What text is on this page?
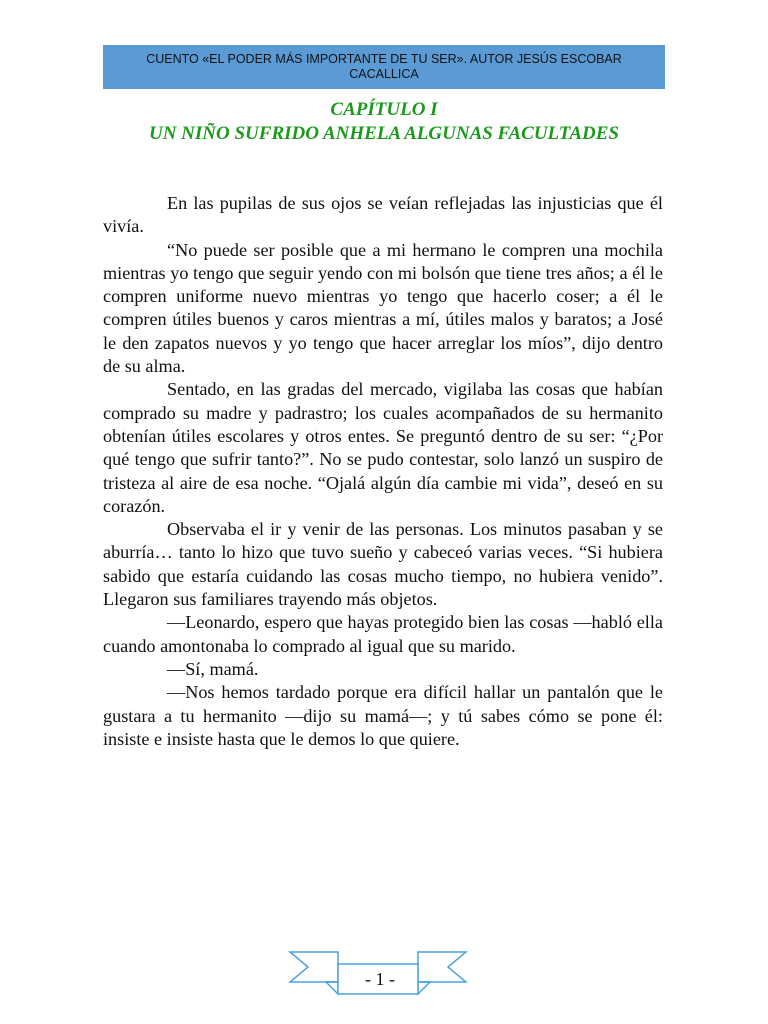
CUENTO «EL PODER MÁS IMPORTANTE DE TU SER». AUTOR JESÚS ESCOBAR CACALLICA
CAPÍTULO I
UN NIÑO SUFRIDO ANHELA ALGUNAS FACULTADES

En las pupilas de sus ojos se veían reflejadas las injusticias que él vivía.

“No puede ser posible que a mi hermano le compren una mochila mientras yo tengo que seguir yendo con mi bolsón que tiene tres años; a él le compren uniforme nuevo mientras yo tengo que hacerlo coser; a él le compren útiles buenos y caros mientras a mí, útiles malos y baratos; a José le den zapatos nuevos y yo tengo que hacer arreglar los míos”, dijo dentro de su alma.

Sentado, en las gradas del mercado, vigilaba las cosas que habían comprado su madre y padrastro; los cuales acompañados de su hermanito obtenían útiles escolares y otros entes. Se preguntó dentro de su ser: “¿Por qué tengo que sufrir tanto?”. No se pudo contestar, solo lanzó un suspiro de tristeza al aire de esa noche. “Ojalá algún día cambie mi vida”, deseó en su corazón.

Observaba el ir y venir de las personas. Los minutos pasaban y se aburría… tanto lo hizo que tuvo sueño y cabeceó varias veces. “Si hubiera sabido que estaría cuidando las cosas mucho tiempo, no hubiera venido”. Llegaron sus familiares trayendo más objetos.

—Leonardo, espero que hayas protegido bien las cosas —habló ella cuando amontonaba lo comprado al igual que su marido.

—Sí, mamá.

—Nos hemos tardado porque era difícil hallar un pantalón que le gustara a tu hermanito —dijo su mamá—; y tú sabes cómo se pone él: insiste e insiste hasta que le demos lo que quiere.

- 1 -
